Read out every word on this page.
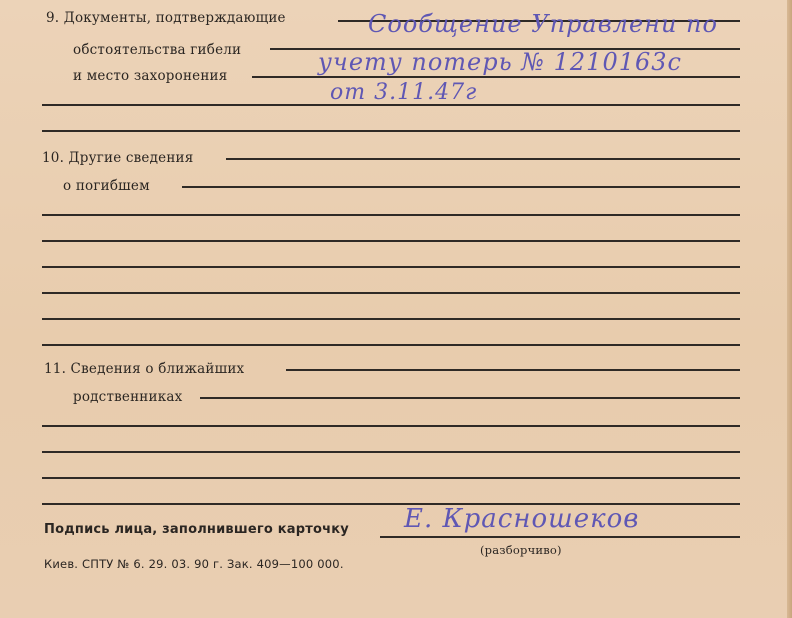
9. Документы, подтверждающие
обстоятельства гибели
и место захоронения
Сообщение Управлени по
учету потерь № 1210163с
от 3.11.47г
10. Другие сведения
о погибшем
11. Сведения о ближайших
родственниках
Подпись лица, заполнившего карточку Е. Красношеков
(разборчиво)
Киев. СПТУ № 6. 29. 03. 90 г. Зак. 409—100 000.
